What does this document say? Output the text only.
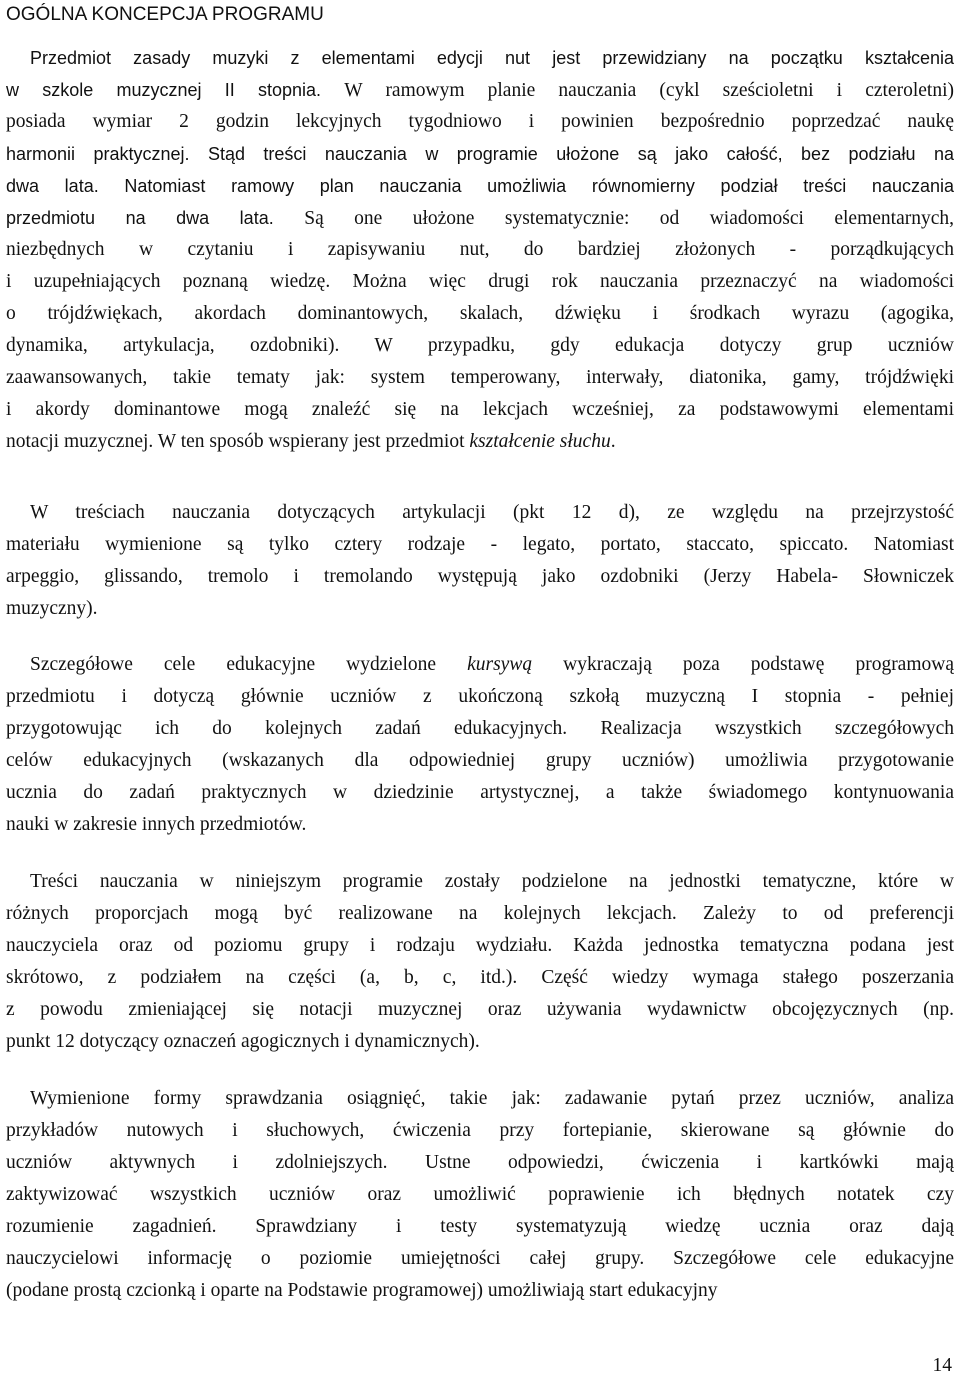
OGÓLNA KONCEPCJA PROGRAMU
Przedmiot zasady muzyki z elementami edycji nut jest przewidziany na początku kształcenia
w szkole muzycznej II stopnia. W ramowym planie nauczania (cykl sześcioletni i czteroletni)
posiada wymiar 2 godzin lekcyjnych tygodniowo i powinien bezpośrednio poprzedzać naukę
harmonii praktycznej. Stąd treści nauczania w programie ułożone są jako całość, bez podziału na
dwa lata. Natomiast ramowy plan nauczania umożliwia równomierny podział treści nauczania
przedmiotu na dwa lata. Są one ułożone systematycznie: od wiadomości elementarnych,
niezbędnych w czytaniu i zapisywaniu nut, do bardziej złożonych - porządkujących
i uzupełniających poznaną wiedzę. Można więc drugi rok nauczania przeznaczyć na wiadomości
o trójdźwiękach, akordach dominantowych, skalach, dźwięku i środkach wyrazu (agogika,
dynamika, artykulacja, ozdobniki). W przypadku, gdy edukacja dotyczy grup uczniów
zaawansowanych, takie tematy jak: system temperowany, interwały, diatonika, gamy, trójdźwięki
i akordy dominantowe mogą znaleźć się na lekcjach wcześniej, za podstawowymi elementami
notacji muzycznej. W ten sposób wspierany jest przedmiot kształcenie słuchu.
W treściach nauczania dotyczących artykulacji (pkt 12 d), ze względu na przejrzystość
materiału wymienione są tylko cztery rodzaje - legato, portato, staccato, spiccato. Natomiast
arpeggio, glissando, tremolo i tremolando występują jako ozdobniki (Jerzy Habela- Słowniczek
muzyczny).
Szczegółowe cele edukacyjne wydzielone kursywą wykraczają poza podstawę programową
przedmiotu i dotyczą głównie uczniów z ukończoną szkołą muzyczną I stopnia - pełniej
przygotowując ich do kolejnych zadań edukacyjnych. Realizacja wszystkich szczegółowych
celów edukacyjnych (wskazanych dla odpowiedniej grupy uczniów) umożliwia przygotowanie
ucznia do zadań praktycznych w dziedzinie artystycznej, a także świadomego kontynuowania
nauki w zakresie innych przedmiotów.
Treści nauczania w niniejszym programie zostały podzielone na jednostki tematyczne, które w
różnych proporcjach mogą być realizowane na kolejnych lekcjach. Zależy to od preferencji
nauczyciela oraz od poziomu grupy i rodzaju wydziału. Każda jednostka tematyczna podana jest
skrótowo, z podziałem na części (a, b, c, itd.). Część wiedzy wymaga stałego poszerzania
z powodu zmieniającej się notacji muzycznej oraz używania wydawnictw obcojęzycznych (np.
punkt 12 dotyczący oznaczeń agogicznych i dynamicznych).
Wymienione formy sprawdzania osiągnięć, takie jak: zadawanie pytań przez uczniów, analiza
przykładów nutowych i słuchowych, ćwiczenia przy fortepianie, skierowane są głównie do
uczniów aktywnych i zdolniejszych. Ustne odpowiedzi, ćwiczenia i kartkówki mają
zaktywizować wszystkich uczniów oraz umożliwić poprawienie ich błędnych notatek czy
rozumienie zagadnień. Sprawdziany i testy systematyzują wiedzę ucznia oraz dają
nauczycielowi informację o poziomie umiejętności całej grupy. Szczegółowe cele edukacyjne
(podane prostą czcionką i oparte na Podstawie programowej) umożliwiają start edukacyjny
14
